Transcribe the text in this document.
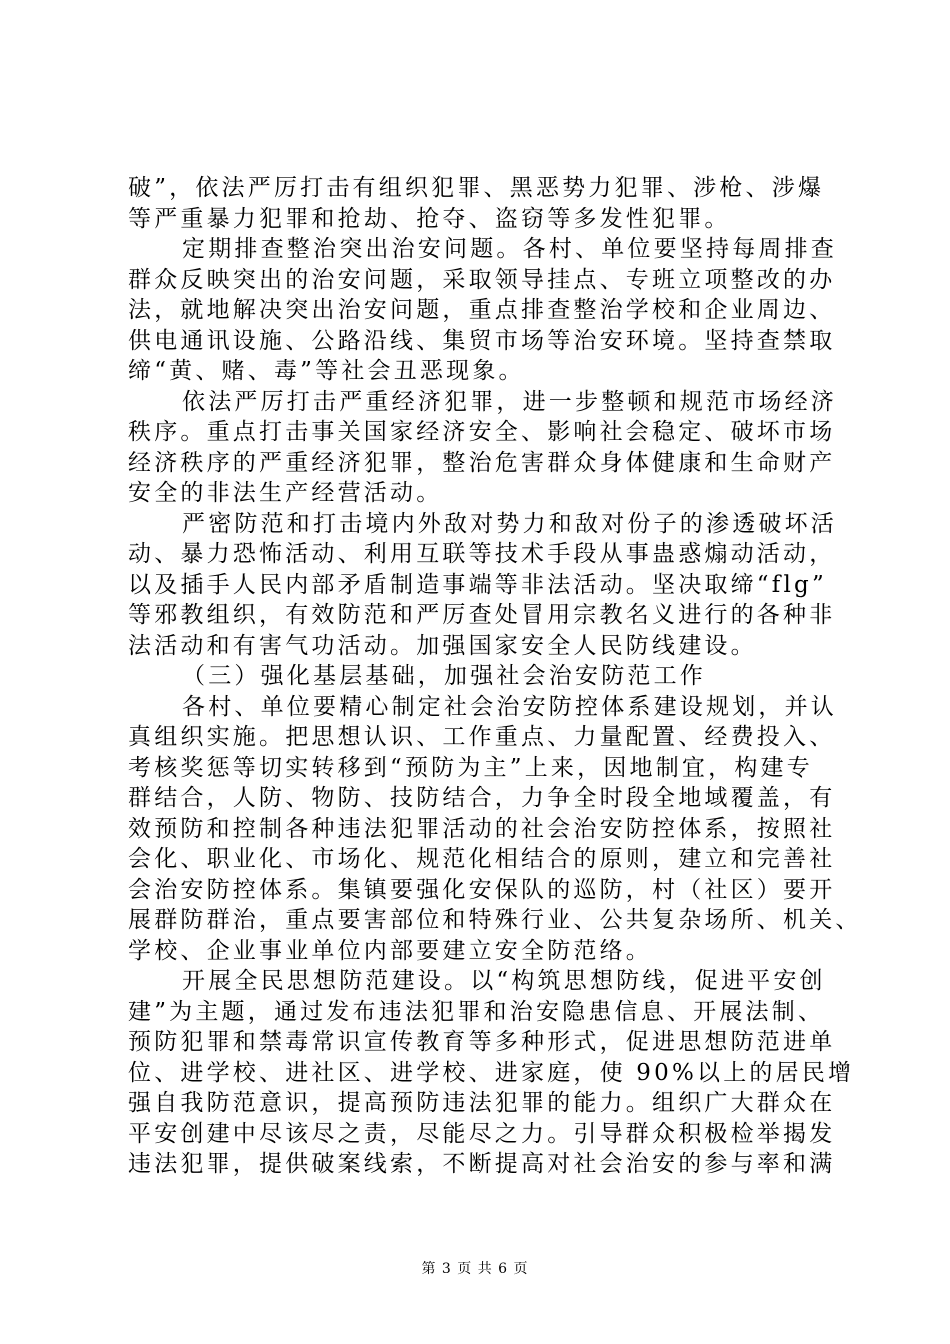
破”，依法严厉打击有组织犯罪、黑恶势力犯罪、涉枪、涉爆
等严重暴力犯罪和抢劫、抢夺、盗窃等多发性犯罪。
定期排查整治突出治安问题。各村、单位要坚持每周排查
群众反映突出的治安问题，采取领导挂点、专班立项整改的办
法，就地解决突出治安问题，重点排查整治学校和企业周边、
供电通讯设施、公路沿线、集贸市场等治安环境。坚持查禁取
缔“黄、赌、毒”等社会丑恶现象。
依法严厉打击严重经济犯罪，进一步整顿和规范市场经济
秩序。重点打击事关国家经济安全、影响社会稳定、破坏市场
经济秩序的严重经济犯罪，整治危害群众身体健康和生命财产
安全的非法生产经营活动。
严密防范和打击境内外敌对势力和敌对份子的渗透破坏活
动、暴力恐怖活动、利用互联等技术手段从事蛊惑煽动活动，
以及插手人民内部矛盾制造事端等非法活动。坚决取缔“flg”
等邪教组织，有效防范和严厉查处冒用宗教名义进行的各种非
法活动和有害气功活动。加强国家安全人民防线建设。
（三）强化基层基础，加强社会治安防范工作
各村、单位要精心制定社会治安防控体系建设规划，并认
真组织实施。把思想认识、工作重点、力量配置、经费投入、
考核奖惩等切实转移到“预防为主”上来，因地制宜，构建专
群结合，人防、物防、技防结合，力争全时段全地域覆盖，有
效预防和控制各种违法犯罪活动的社会治安防控体系，按照社
会化、职业化、市场化、规范化相结合的原则，建立和完善社
会治安防控体系。集镇要强化安保队的巡防，村（社区）要开
展群防群治，重点要害部位和特殊行业、公共复杂场所、机关、
学校、企业事业单位内部要建立安全防范络。
开展全民思想防范建设。以“构筑思想防线，促进平安创
建”为主题，通过发布违法犯罪和治安隐患信息、开展法制、
预防犯罪和禁毒常识宣传教育等多种形式，促进思想防范进单
位、进学校、进社区、进学校、进家庭，使 90%以上的居民增
强自我防范意识，提高预防违法犯罪的能力。组织广大群众在
平安创建中尽该尽之责，尽能尽之力。引导群众积极检举揭发
违法犯罪，提供破案线索，不断提高对社会治安的参与率和满
第 3 页 共 6 页
